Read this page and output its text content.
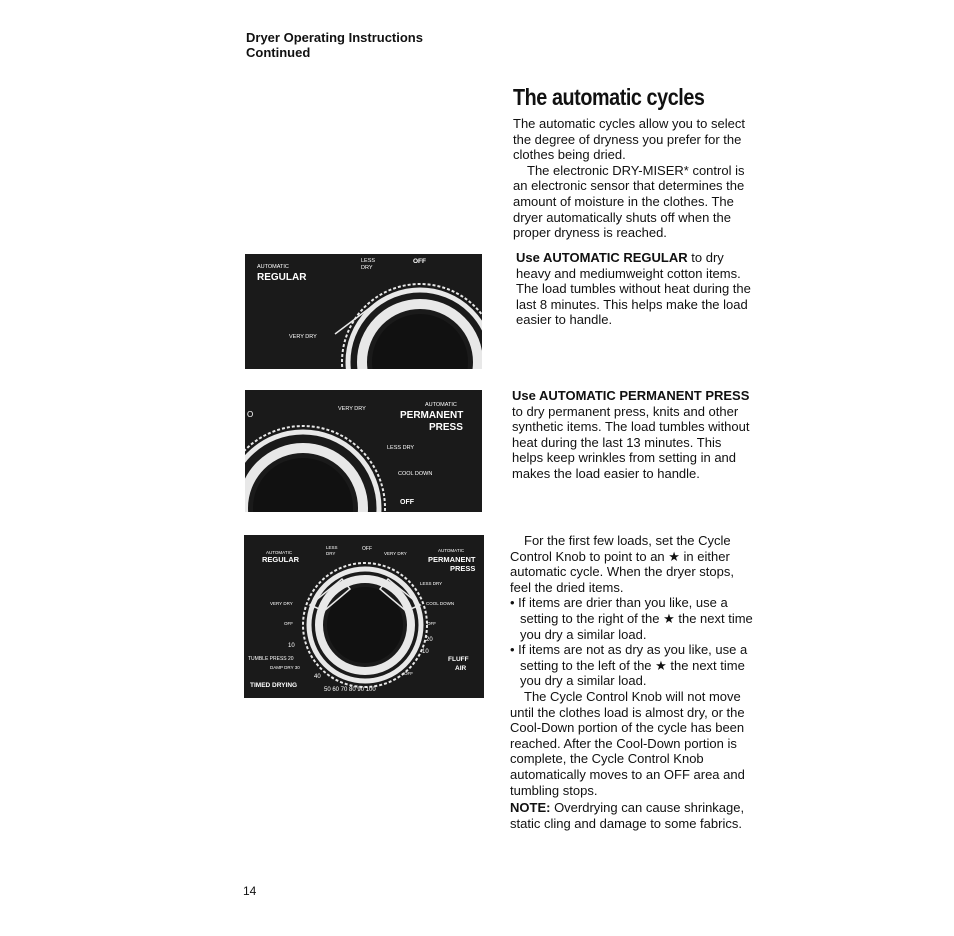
Dryer Operating Instructions
Continued
The automatic cycles

The automatic cycles allow you to select the degree of dryness you prefer for the clothes being dried.

The electronic DRY-MISER* control is an electronic sensor that determines the amount of moisture in the clothes. The dryer automatically shuts off when the proper dryness is reached.

Use AUTOMATIC REGULAR to dry heavy and mediumweight cotton items. The load tumbles without heat during the last 8 minutes. This helps make the load easier to handle.

Use AUTOMATIC PERMANENT PRESS to dry permanent press, knits and other synthetic items. The load tumbles without heat during the last 13 minutes. This helps keep wrinkles from setting in and makes the load easier to handle.

For the first few loads, set the Cycle Control Knob to point to an ★ in either automatic cycle. When the dryer stops, feel the dried items.

• If items are drier than you like, use a setting to the right of the ★ the next time you dry a similar load.

• If items are not as dry as you like, use a setting to the left of the ★ the next time you dry a similar load.

The Cycle Control Knob will not move until the clothes load is almost dry, or the Cool-Down portion of the cycle has been reached. After the Cool-Down portion is complete, the Cycle Control Knob automatically moves to an OFF area and tumbling stops.

NOTE: Overdrying can cause shrinkage, static cling and damage to some fabrics.

AUTOMATIC
REGULAR
LESS
DRY
OFF
VERY DRY
O
VERY DRY
AUTOMATIC
PERMANENT
PRESS
LESS DRY
COOL DOWN
OFF
AUTOMATIC
REGULAR
LESS
DRY
OFF
VERY DRY
AUTOMATIC
PERMANENT
PRESS
VERY DRY
OFF
LESS DRY
COOL DOWN
OFF
10
20
10
FLUFF
AIR
TUMBLE PRESS 20
DAMP DRY 30
40
OFF
TIMED DRYING
50 60 70 80 90 100
14
